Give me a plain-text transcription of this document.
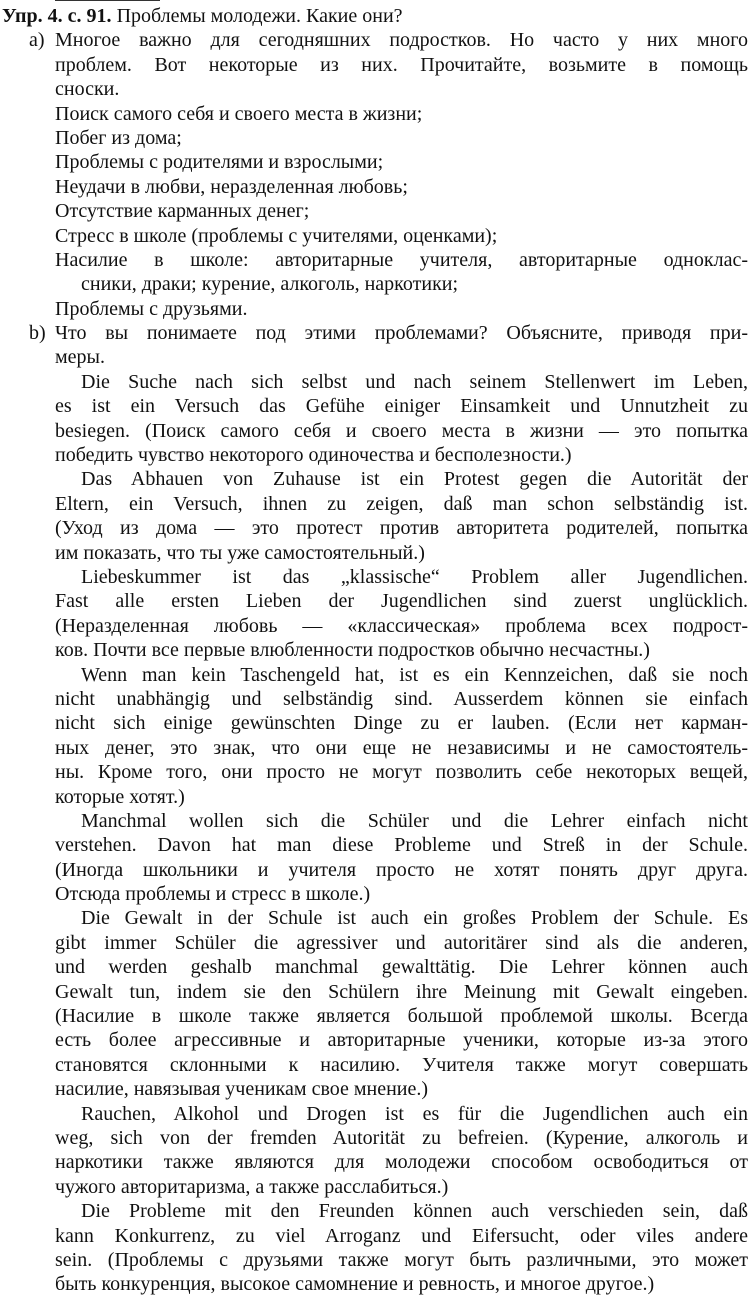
Упр. 4. с. 91. Проблемы молодежи. Какие они?
a) Многое важно для сегодняшних подростков. Но часто у них много
проблем. Вот некоторые из них. Прочитайте, возьмите в помощь
сноски.
Поиск самого себя и своего места в жизни;
Побег из дома;
Проблемы с родителями и взрослыми;
Неудачи в любви, неразделенная любовь;
Отсутствие карманных денег;
Стресс в школе (проблемы с учителями, оценками);
Насилие в школе: авторитарные учителя, авторитарные одноклас-
сники, драки; курение, алкоголь, наркотики;
Проблемы с друзьями.
b) Что вы понимаете под этими проблемами? Объясните, приводя при-
меры.
Die Suche nach sich selbst und nach seinem Stellenwert im Leben,
es ist ein Versuch das Gefühe einiger Einsamkeit und Unnutzheit zu
besiegen. (Поиск самого себя и своего места в жизни — это попытка
победить чувство некоторого одиночества и бесполезности.)
Das Abhauen von Zuhause ist ein Protest gegen die Autorität der
Eltern, ein Versuch, ihnen zu zeigen, daß man schon selbständig ist.
(Уход из дома — это протест против авторитета родителей, попытка
им показать, что ты уже самостоятельный.)
Liebeskummer ist das „klassische“ Problem aller Jugendlichen.
Fast alle ersten Lieben der Jugendlichen sind zuerst unglücklich.
(Неразделенная любовь — «классическая» проблема всех подрост-
ков. Почти все первые влюбленности подростков обычно несчастны.)
Wenn man kein Taschengeld hat, ist es ein Kennzeichen, daß sie noch
nicht unabhängig und selbständig sind. Ausserdem können sie einfach
nicht sich einige gewünschten Dinge zu er lauben. (Если нет карман-
ных денег, это знак, что они еще не независимы и не самостоятель-
ны. Кроме того, они просто не могут позволить себе некоторых вещей,
которые хотят.)
Manchmal wollen sich die Schüler und die Lehrer einfach nicht
verstehen. Davon hat man diese Probleme und Streß in der Schule.
(Иногда школьники и учителя просто не хотят понять друг друга.
Отсюда проблемы и стресс в школе.)
Die Gewalt in der Schule ist auch ein großes Problem der Schule. Es
gibt immer Schüler die agressiver und autoritärer sind als die anderen,
und werden geshalb manchmal gewalttätig. Die Lehrer können auch
Gewalt tun, indem sie den Schülern ihre Meinung mit Gewalt eingeben.
(Насилие в школе также является большой проблемой школы. Всегда
есть более агрессивные и авторитарные ученики, которые из-за этого
становятся склонными к насилию. Учителя также могут совершать
насилие, навязывая ученикам свое мнение.)
Rauchen, Alkohol und Drogen ist es für die Jugendlichen auch ein
weg, sich von der fremden Autorität zu befreien. (Курение, алкоголь и
наркотики также являются для молодежи способом освободиться от
чужого авторитаризма, а также расслабиться.)
Die Probleme mit den Freunden können auch verschieden sein, daß
kann Konkurrenz, zu viel Arroganz und Eifersucht, oder viles andere
sein. (Проблемы с друзьями также могут быть различными, это может
быть конкуренция, высокое самомнение и ревность, и многое другое.)
